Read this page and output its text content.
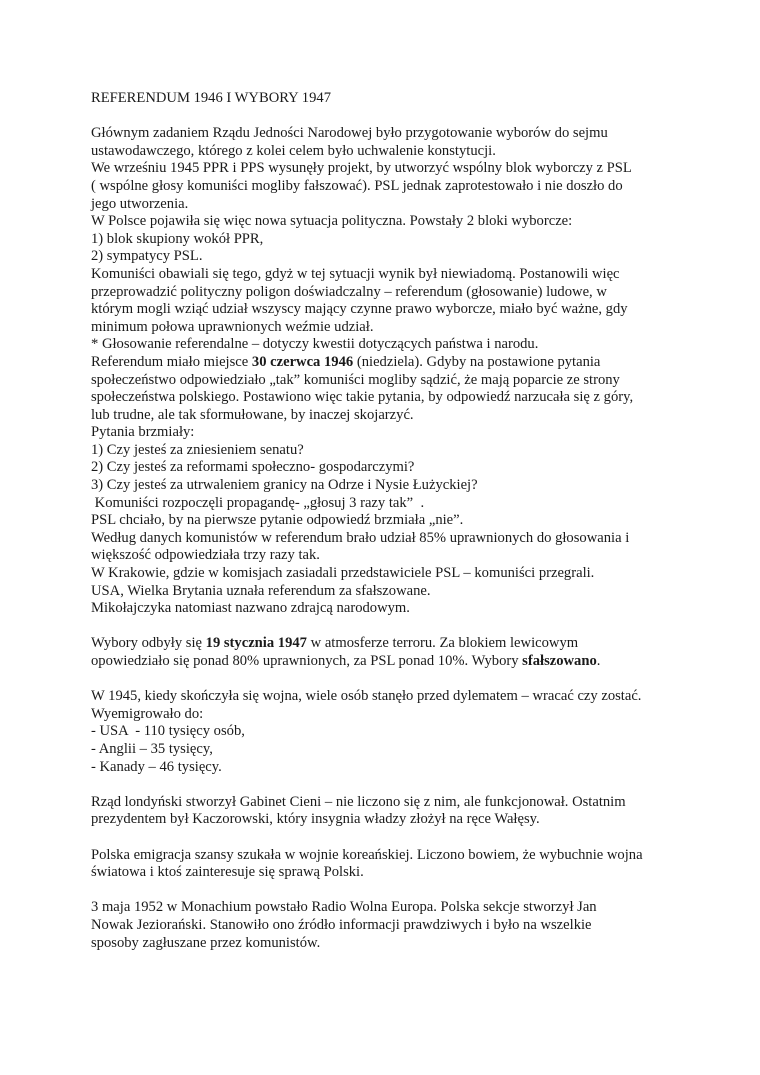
REFERENDUM 1946 I WYBORY 1947
Głównym zadaniem Rządu Jedności Narodowej było przygotowanie wyborów do sejmu
ustawodawczego, którego z kolei celem było uchwalenie konstytucji.
We wrześniu 1945 PPR i PPS wysunęły projekt, by utworzyć wspólny blok wyborczy z PSL
( wspólne głosy komuniści mogliby fałszować). PSL jednak zaprotestowało i nie doszło do
jego utworzenia.
W Polsce pojawiła się więc nowa sytuacja polityczna. Powstały 2 bloki wyborcze:
1) blok skupiony wokół PPR,
2) sympatycy PSL.
Komuniści obawiali się tego, gdyż w tej sytuacji wynik był niewiadomą. Postanowili więc
przeprowadzić polityczny poligon doświadczalny – referendum (głosowanie) ludowe, w
którym mogli wziąć udział wszyscy mający czynne prawo wyborcze, miało być ważne, gdy
minimum połowa uprawnionych weźmie udział.
* Głosowanie referendalne – dotyczy kwestii dotyczących państwa i narodu.
Referendum miało miejsce 30 czerwca 1946 (niedziela). Gdyby na postawione pytania
społeczeństwo odpowiedziało „tak” komuniści mogliby sądzić, że mają poparcie ze strony
społeczeństwa polskiego. Postawiono więc takie pytania, by odpowiedź narzucała się z góry,
lub trudne, ale tak sformułowane, by inaczej skojarzyć.
Pytania brzmiały:
1) Czy jesteś za zniesieniem senatu?
2) Czy jesteś za reformami społeczno- gospodarczymi?
3) Czy jesteś za utrwaleniem granicy na Odrze i Nysie Łużyckiej?
Komuniści rozpoczęli propagandę- „głosuj 3 razy tak”  .
PSL chciało, by na pierwsze pytanie odpowiedź brzmiała „nie”.
Według danych komunistów w referendum brało udział 85% uprawnionych do głosowania i
większość odpowiedziała trzy razy tak.
W Krakowie, gdzie w komisjach zasiadali przedstawiciele PSL – komuniści przegrali.
USA, Wielka Brytania uznała referendum za sfałszowane.
Mikołajczyka natomiast nazwano zdrajcą narodowym.
Wybory odbyły się 19 stycznia 1947 w atmosferze terroru. Za blokiem lewicowym
opowiedziało się ponad 80% uprawnionych, za PSL ponad 10%. Wybory sfałszowano.
W 1945, kiedy skończyła się wojna, wiele osób stanęło przed dylematem – wracać czy zostać.
Wyemigrowało do:
- USA  - 110 tysięcy osób,
- Anglii – 35 tysięcy,
- Kanady – 46 tysięcy.
Rząd londyński stworzył Gabinet Cieni – nie liczono się z nim, ale funkcjonował. Ostatnim
prezydentem był Kaczorowski, który insygnia władzy złożył na ręce Wałęsy.
Polska emigracja szansy szukała w wojnie koreańskiej. Liczono bowiem, że wybuchnie wojna
światowa i ktoś zainteresuje się sprawą Polski.
3 maja 1952 w Monachium powstało Radio Wolna Europa. Polska sekcje stworzył Jan
Nowak Jeziorański. Stanowiło ono źródło informacji prawdziwych i było na wszelkie
sposoby zagłuszane przez komunistów.
